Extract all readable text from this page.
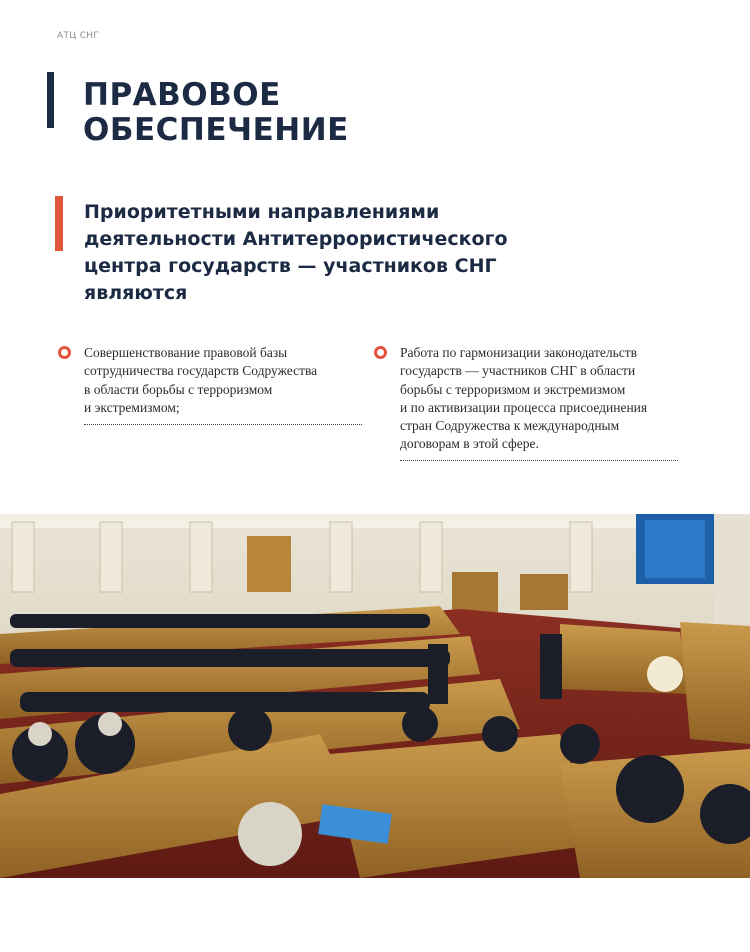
АТЦ СНГ
ПРАВОВОЕ
ОБЕСПЕЧЕНИЕ
Приоритетными направлениями
деятельности Антитеррористического
центра государств — участников СНГ
являются

Совершенствование правовой базы
сотрудничества государств Содружества
в области борьбы с терроризмом
и экстремизмом;

Работа по гармонизации законодательств
государств — участников СНГ в области
борьбы с терроризмом и экстремизмом
и по активизации процесса присоединения
стран Содружества к международным
договорам в этой сфере.
